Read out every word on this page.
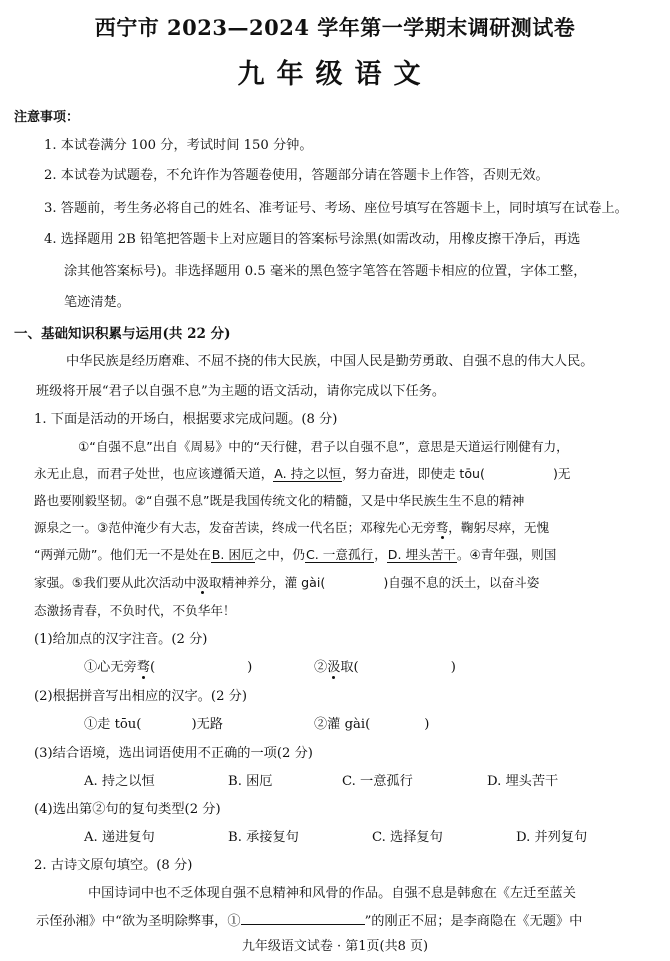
西宁市 2023—2024 学年第一学期末调研测试卷
九年级语文
注意事项：
1. 本试卷满分 100 分，考试时间 150 分钟。
2. 本试卷为试题卷，不允许作为答题卷使用，答题部分请在答题卡上作答，否则无效。
3. 答题前，考生务必将自己的姓名、准考证号、考场、座位号填写在答题卡上，同时填写在试卷上。
4. 选择题用 2B 铅笔把答题卡上对应题目的答案标号涂黑(如需改动，用橡皮擦干净后，再选
涂其他答案标号)。非选择题用 0.5 毫米的黑色签字笔答在答题卡相应的位置，字体工整，
笔迹清楚。
一、基础知识积累与运用(共 22 分)
中华民族是经历磨难、不屈不挠的伟大民族，中国人民是勤劳勇敢、自强不息的伟大人民。
班级将开展“君子以自强不息”为主题的语文活动，请你完成以下任务。
1. 下面是活动的开场白，根据要求完成问题。(8 分)
①“自强不息”出自《周易》中的“天行健，君子以自强不息”，意思是天道运行刚健有力，
永无止息，而君子处世，也应该遵循天道，A. 持之以恒，努力奋进，即使走 tōu(	)无
路也要刚毅坚韧。②“自强不息”既是我国传统文化的精髓，又是中华民族生生不息的精神
源泉之一。③范仲淹少有大志，发奋苦读，终成一代名臣；邓稼先心无旁骛，鞠躬尽瘁，无愧
“两弹元勋”。他们无一不是处在B. 困厄之中，仍C. 一意孤行，D. 埋头苦干。④青年强，则国
家强。⑤我们要从此次活动中汲取精神养分，灌 gài(	)自强不息的沃土，以奋斗姿
态激扬青春，不负时代，不负华年！
(1)给加点的汉字注音。(2 分)
①心无旁骛(	)	②汲取(	)
(2)根据拼音写出相应的汉字。(2 分)
①走 tōu(	)无路	②灌 gài(	)
(3)结合语境，选出词语使用不正确的一项(2 分)
A. 持之以恒	B. 困厄	C. 一意孤行	D. 埋头苦干
(4)选出第②句的复句类型(2 分)
A. 递进复句	B. 承接复句	C. 选择复句	D. 并列复句
2. 古诗文原句填空。(8 分)
中国诗词中也不乏体现自强不息精神和风骨的作品。自强不息是韩愈在《左迁至蓝关
示侄孙湘》中“欲为圣明除弊事，①	”的刚正不屈；是李商隐在《无题》中
九年级语文试卷 · 第1页(共8 页)
